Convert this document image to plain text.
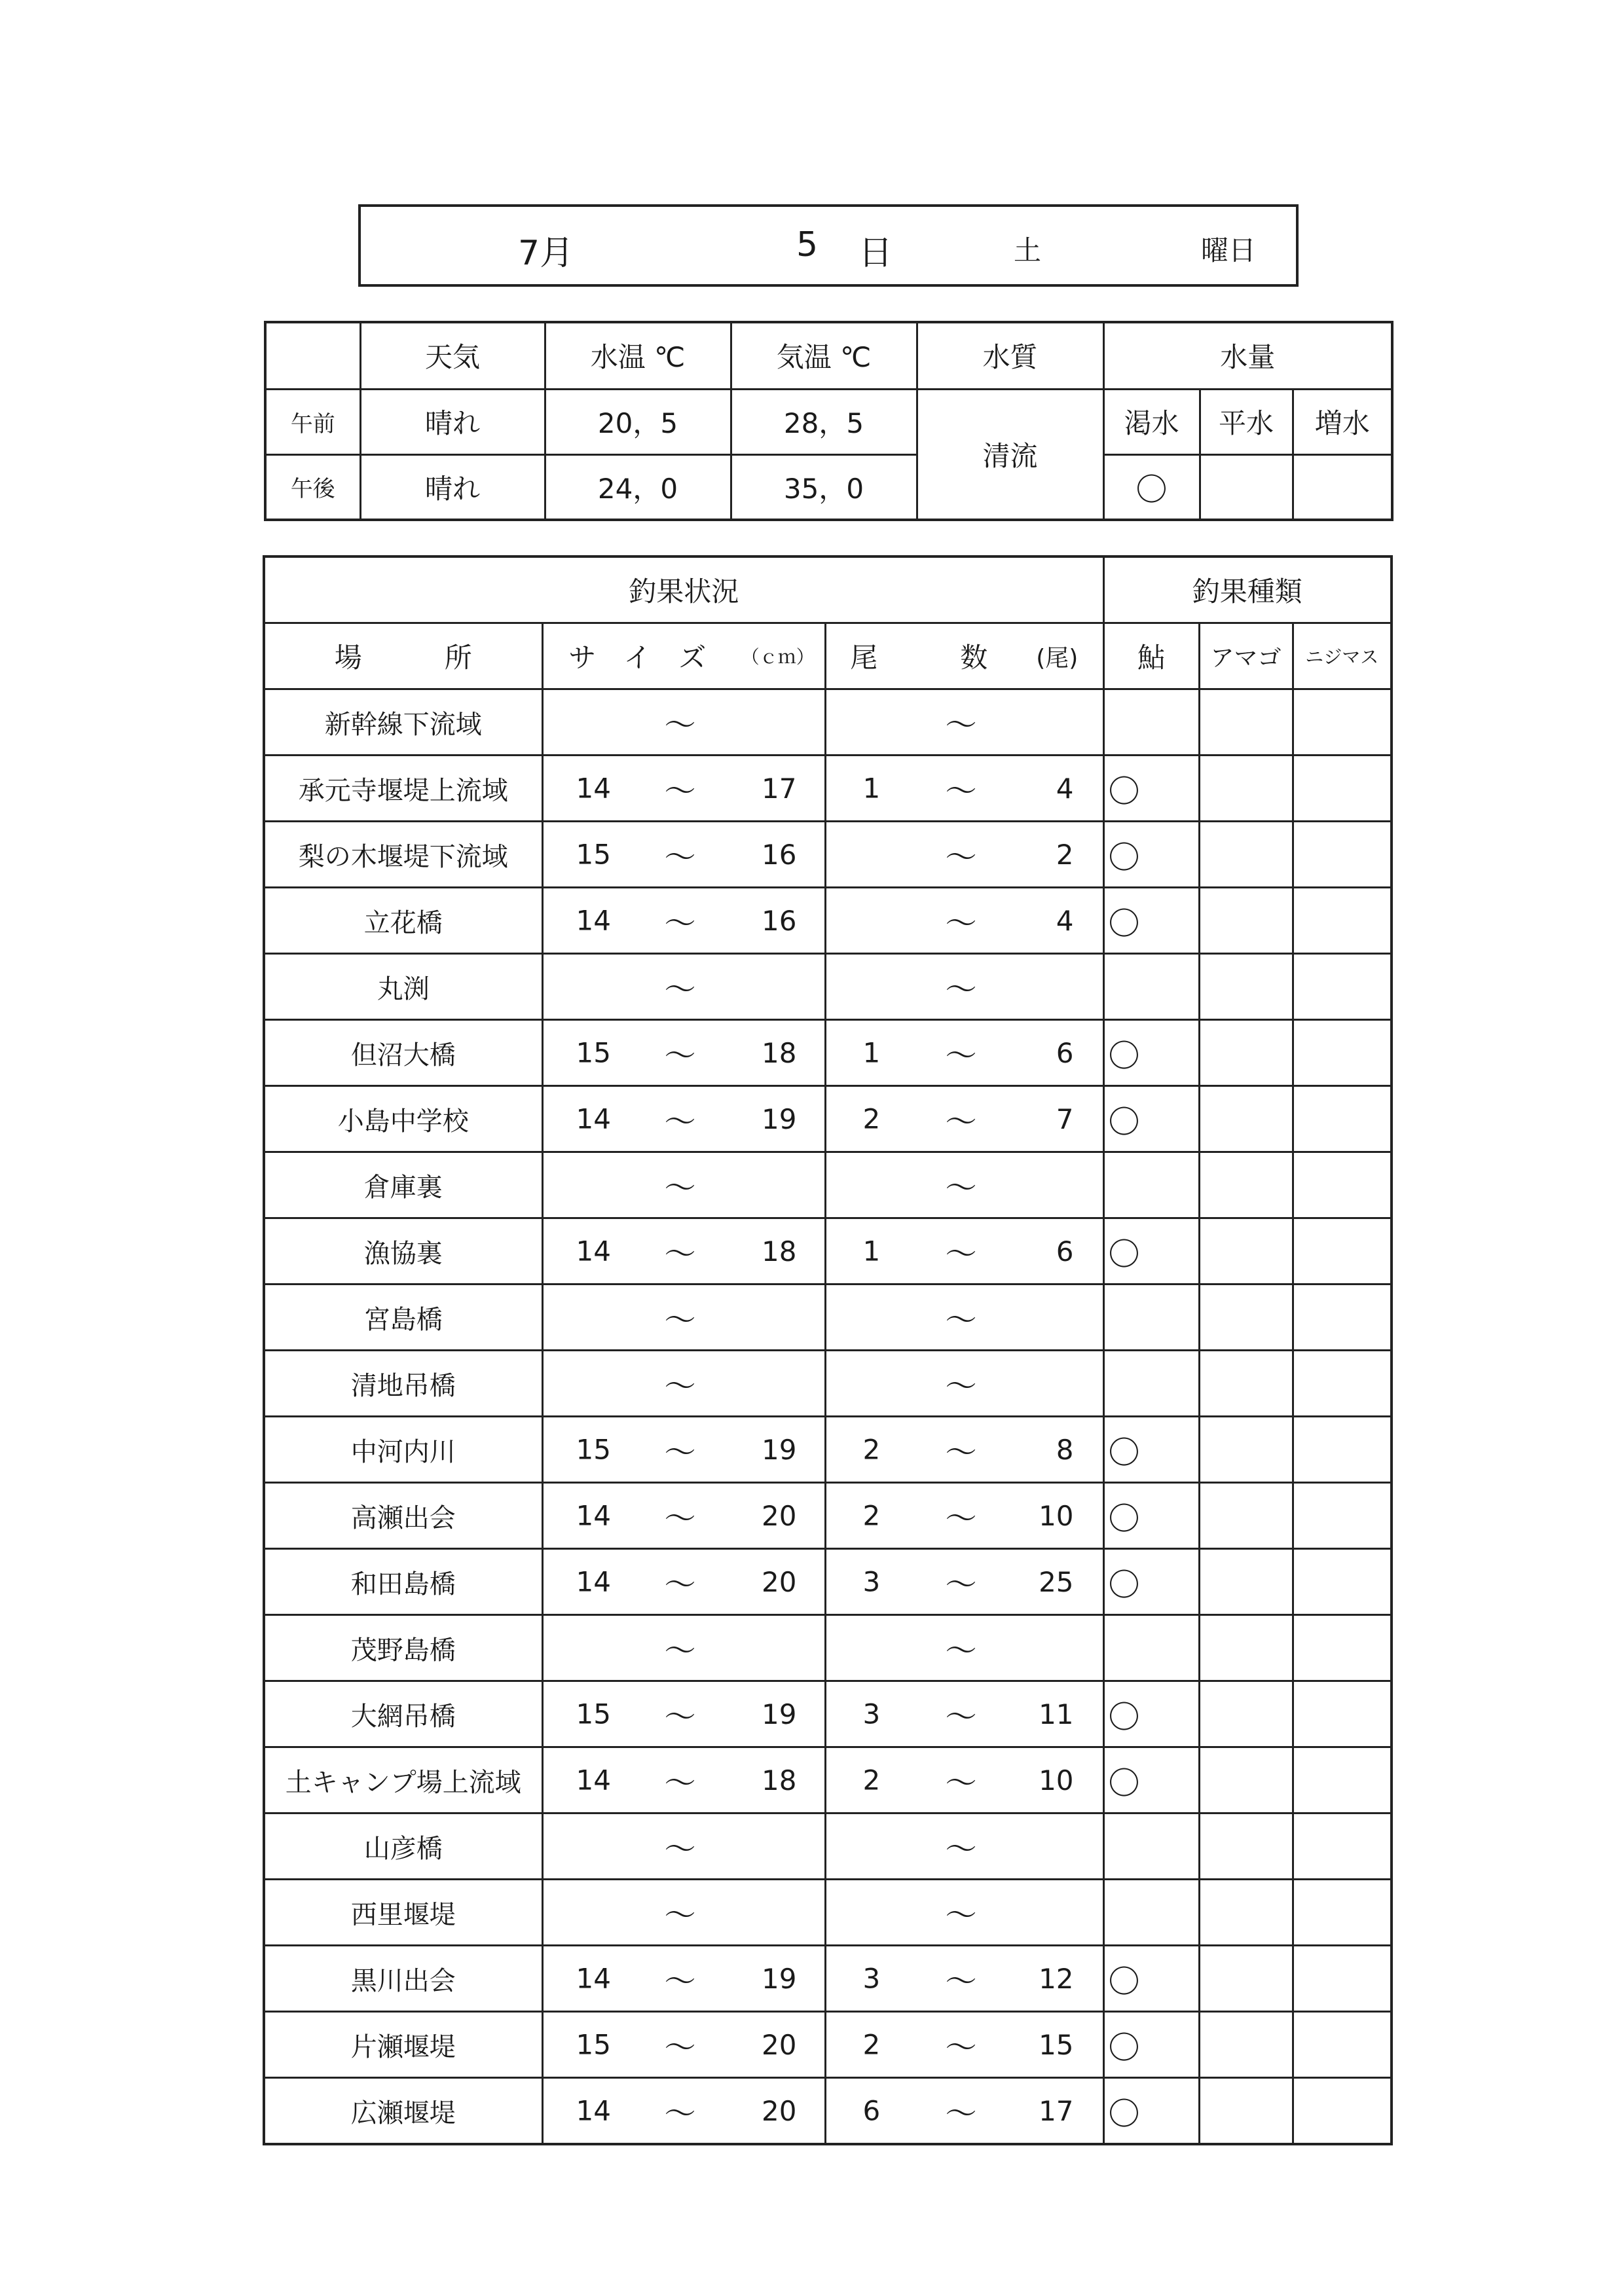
7月	5 日	土	曜日
	天気	水温 ℃	気温 ℃	水質	水量		
午前	晴れ	20，5	28，5	清流	渇水	平水	増水
午後	晴れ	24，0	35，0		〇		
釣果状況					釣果種類		
場　　　所	サ　イ　ズ	（ｃｍ）	尾　　　数	(尾)	鮎	アマゴ	ニジマス
新幹線下流域	〜		〜				

承元寺堰堤上流域	14 〜	17	1 〜	4	〇		
梨の木堰堤下流域	15 〜	16	〜	2	〇		
立花橋	14 〜	16	〜	4	〇		
丸渕	〜		〜				

但沼大橋	15 〜	18	1 〜	6	〇		
小島中学校	14 〜	19	2 〜	7	〇		
倉庫裏	〜		〜				

漁協裏	14 〜	18	1 〜	6	〇		
宮島橋	〜		〜				

清地吊橋	〜		〜				

中河内川	15 〜	19	2 〜	8	〇		
高瀬出会	14 〜	20	2 〜	10	〇		
和田島橋	14 〜	20	3 〜	25	〇		
茂野島橋	〜		〜				

大網吊橋	15 〜	19	3 〜	11	〇		
土キャンプ場上流域	14 〜	18	2 〜	10	〇		
山彦橋	〜		〜				

西里堰堤	〜		〜				

黒川出会	14 〜	19	3 〜	12	〇		
片瀬堰堤	15 〜	20	2 〜	15	〇		
広瀬堰堤	14 〜	20	6 〜	17	〇		
